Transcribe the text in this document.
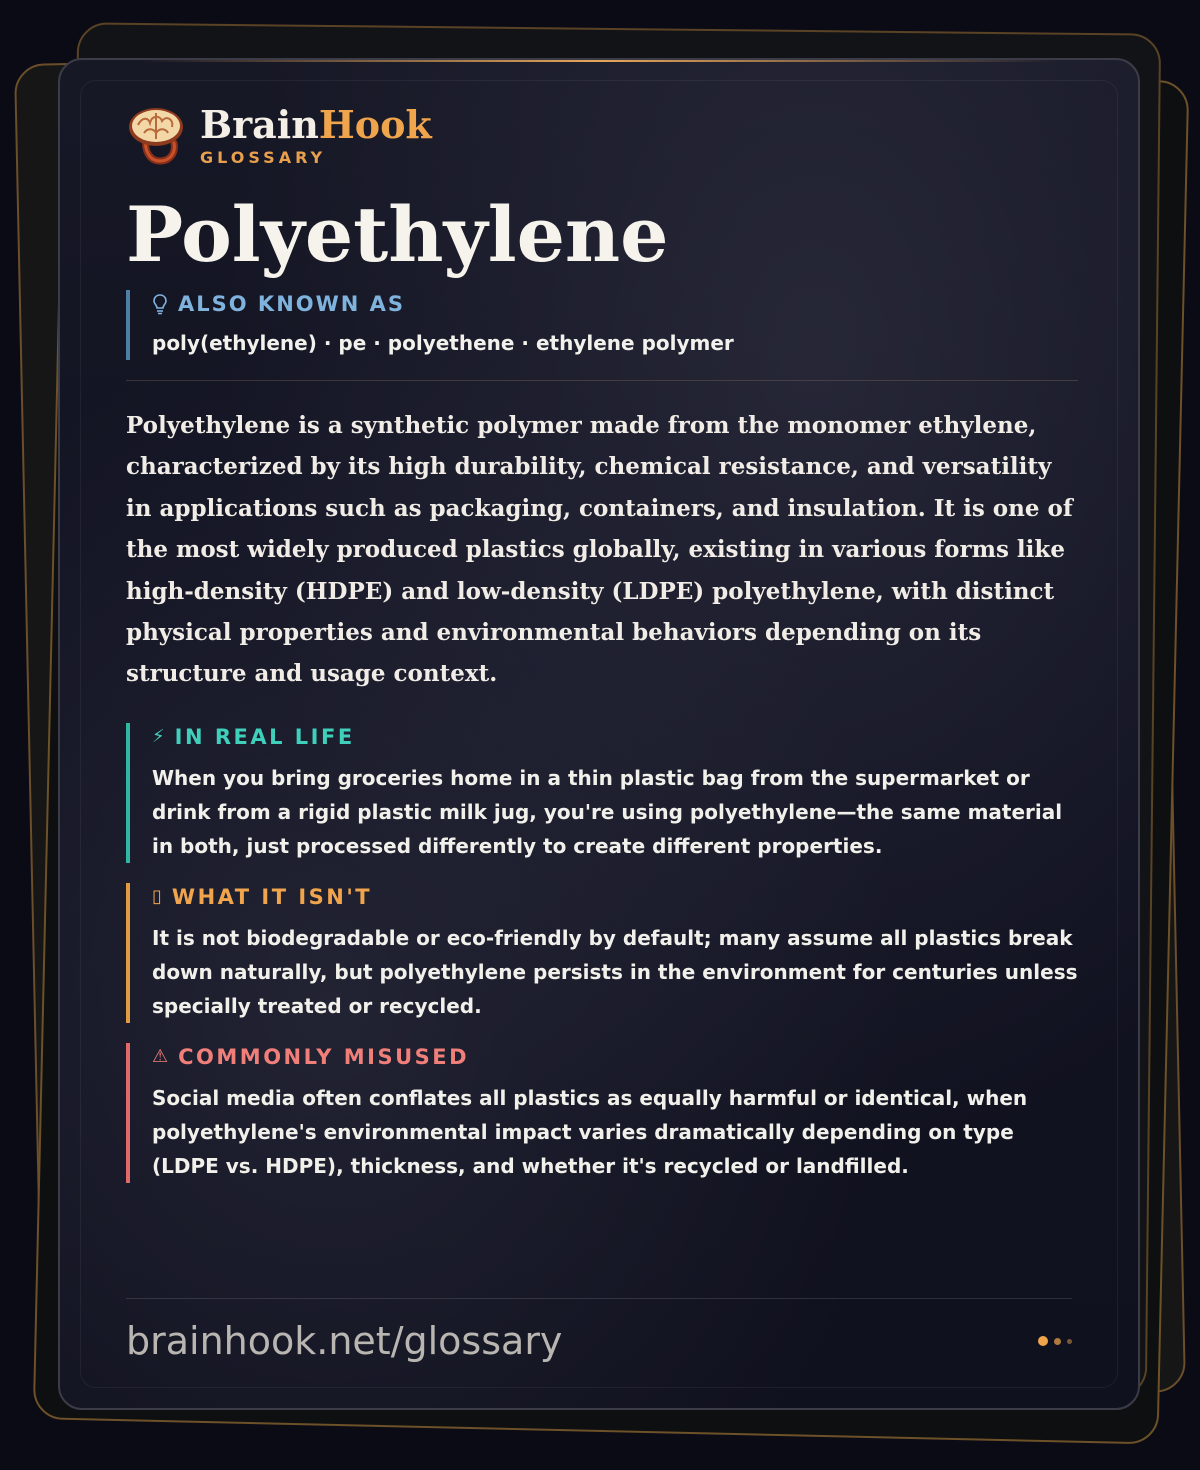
BrainHook
GLOSSARY
Polyethylene
ALSO KNOWN AS
poly(ethylene) · pe · polyethene · ethylene polymer
Polyethylene is a synthetic polymer made from the monomer ethylene, characterized by its high durability, chemical resistance, and versatility in applications such as packaging, containers, and insulation. It is one of the most widely produced plastics globally, existing in various forms like high-density (HDPE) and low-density (LDPE) polyethylene, with distinct physical properties and environmental behaviors depending on its structure and usage context.
⚡ IN REAL LIFE
When you bring groceries home in a thin plastic bag from the supermarket or drink from a rigid plastic milk jug, you're using polyethylene—the same material in both, just processed differently to create different properties.
▯ WHAT IT ISN'T
It is not biodegradable or eco-friendly by default; many assume all plastics break down naturally, but polyethylene persists in the environment for centuries unless specially treated or recycled.
⚠ COMMONLY MISUSED
Social media often conflates all plastics as equally harmful or identical, when polyethylene's environmental impact varies dramatically depending on type (LDPE vs. HDPE), thickness, and whether it's recycled or landfilled.
brainhook.net/glossary
